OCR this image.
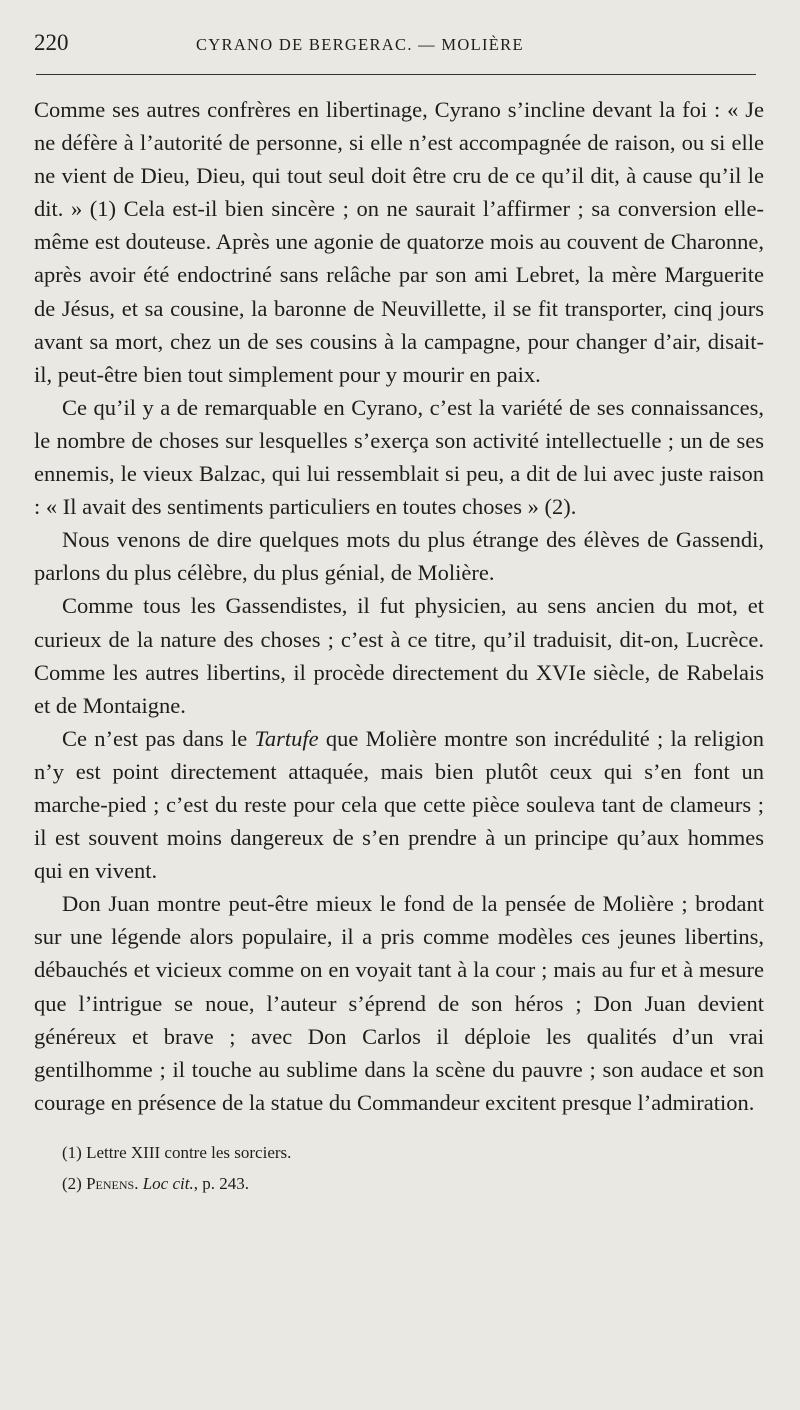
220	CYRANO DE BERGERAC. — MOLIÈRE

Comme ses autres confrères en libertinage, Cyrano s’incline devant la foi : « Je ne défère à l’autorité de personne, si elle n’est accompagnée de raison, ou si elle ne vient de Dieu, Dieu, qui tout seul doit être cru de ce qu’il dit, à cause qu’il le dit. » (1) Cela est-il bien sincère ; on ne saurait l’affirmer ; sa conversion elle-même est douteuse. Après une agonie de quatorze mois au couvent de Charonne, après avoir été endoctriné sans relâche par son ami Lebret, la mère Marguerite de Jésus, et sa cousine, la baronne de Neuvillette, il se fit transporter, cinq jours avant sa mort, chez un de ses cousins à la campagne, pour changer d’air, disait-il, peut-être bien tout simplement pour y mourir en paix.

Ce qu’il y a de remarquable en Cyrano, c’est la variété de ses connaissances, le nombre de choses sur lesquelles s’exerça son activité intellectuelle ; un de ses ennemis, le vieux Balzac, qui lui ressemblait si peu, a dit de lui avec juste raison : « Il avait des sentiments particuliers en toutes choses » (2).

Nous venons de dire quelques mots du plus étrange des élèves de Gassendi, parlons du plus célèbre, du plus génial, de Molière.

Comme tous les Gassendistes, il fut physicien, au sens ancien du mot, et curieux de la nature des choses ; c’est à ce titre, qu’il traduisit, dit-on, Lucrèce. Comme les autres libertins, il procède directement du XVIe siècle, de Rabelais et de Montaigne.

Ce n’est pas dans le Tartufe que Molière montre son incrédulité ; la religion n’y est point directement attaquée, mais bien plutôt ceux qui s’en font un marche-pied ; c’est du reste pour cela que cette pièce souleva tant de clameurs ; il est souvent moins dangereux de s’en prendre à un principe qu’aux hommes qui en vivent.

Don Juan montre peut-être mieux le fond de la pensée de Molière ; brodant sur une légende alors populaire, il a pris comme modèles ces jeunes libertins, débauchés et vicieux comme on en voyait tant à la cour ; mais au fur et à mesure que l’intrigue se noue, l’auteur s’éprend de son héros ; Don Juan devient généreux et brave ; avec Don Carlos il déploie les qualités d’un vrai gentilhomme ; il touche au sublime dans la scène du pauvre ; son audace et son courage en présence de la statue du Commandeur excitent presque l’admiration.

(1) Lettre XIII contre les sorciers.

(2) Penens. Loc cit., p. 243.
